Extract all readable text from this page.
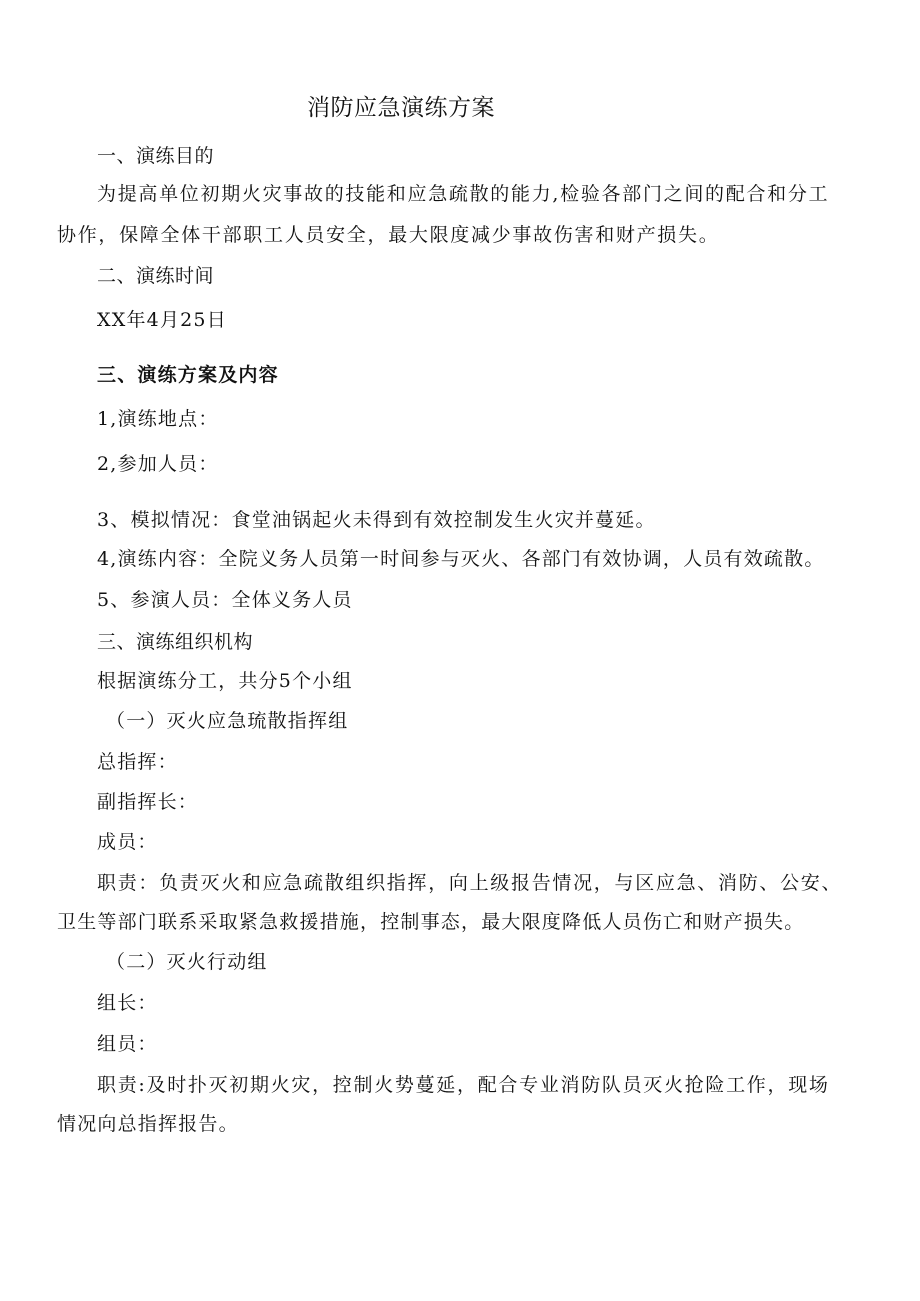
消防应急演练方案
一、演练目的
为提高单位初期火灾事故的技能和应急疏散的能力,检验各部门之间的配合和分工
协作，保障全体干部职工人员安全，最大限度减少事故伤害和财产损失。
二、演练时间
XX年4月25日
三、演练方案及内容
1,演练地点：
2,参加人员：
3、模拟情况：食堂油锅起火未得到有效控制发生火灾并蔓延。
4,演练内容：全院义务人员第一时间参与灭火、各部门有效协调，人员有效疏散。
5、参演人员：全体义务人员
三、演练组织机构
根据演练分工，共分5个小组
（一）灭火应急琉散指挥组
总指挥：
副指挥长：
成员：
职责：负责灭火和应急疏散组织指挥，向上级报告情况，与区应急、消防、公安、
卫生等部门联系采取紧急救援措施，控制事态，最大限度降低人员伤亡和财产损失。
（二）灭火行动组
组长：
组员：
职责:及时扑灭初期火灾，控制火势蔓延，配合专业消防队员灭火抢险工作，现场
情况向总指挥报告。
